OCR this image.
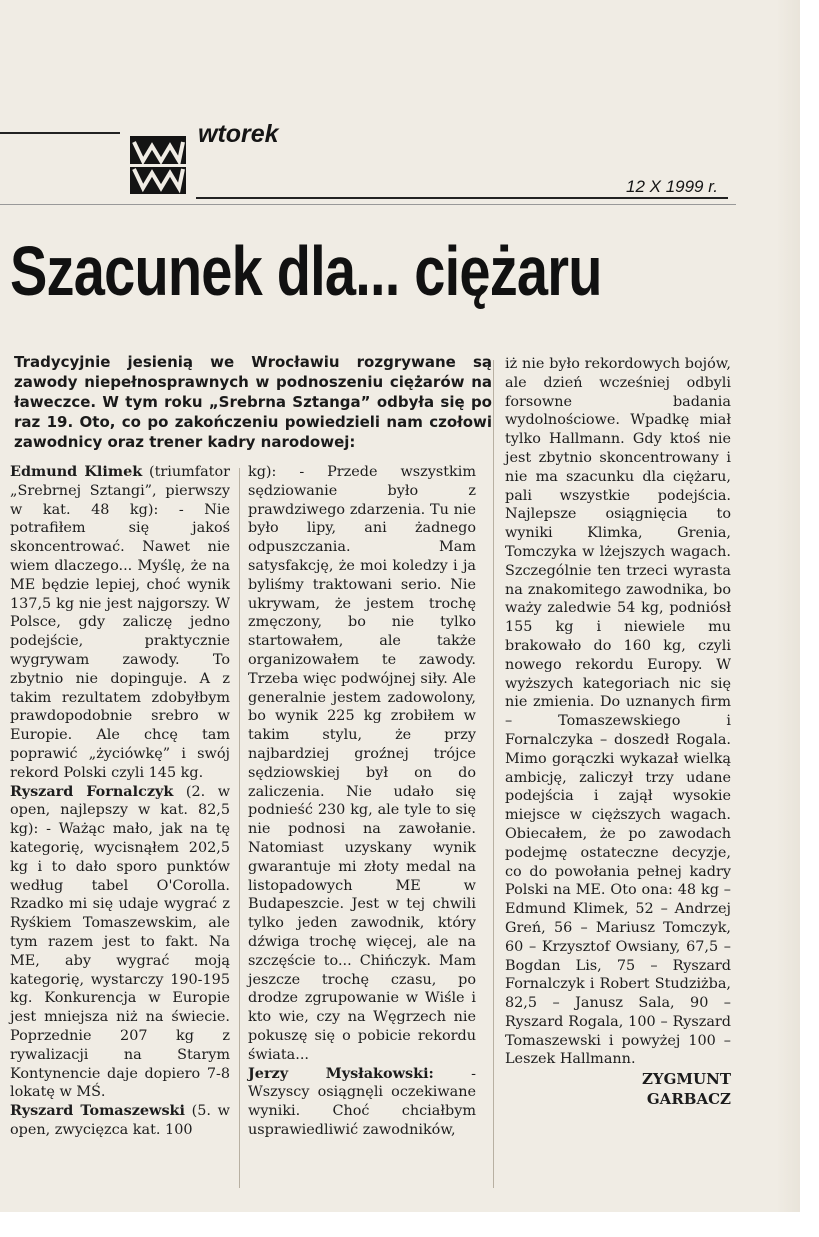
wtorek
12 X 1999 r.
Szacunek dla... ciężaru
Tradycyjnie jesienią we Wrocławiu rozgrywane są zawody niepełnosprawnych w podnoszeniu ciężarów na ławeczce. W tym roku „Srebrna Sztanga” odbyła się po raz 19. Oto, co po zakończeniu powiedzieli nam czołowi zawodnicy oraz trener kadry narodowej:

Edmund Klimek (triumfator „Srebrnej Sztangi”, pierwszy w kat. 48 kg): - Nie potrafiłem się jakoś skoncentrować. Nawet nie wiem dlaczego... Myślę, że na ME będzie lepiej, choć wynik 137,5 kg nie jest najgorszy. W Polsce, gdy zaliczę jedno podejście, praktycznie wygrywam zawody. To zbytnio nie dopinguje. A z takim rezultatem zdobyłbym prawdopodobnie srebro w Europie. Ale chcę tam poprawić „życiówkę” i swój rekord Polski czyli 145 kg.

Ryszard Fornalczyk (2. w open, najlepszy w kat. 82,5 kg): - Ważąc mało, jak na tę kategorię, wycisnąłem 202,5 kg i to dało sporo punktów według tabel O'Corolla. Rzadko mi się udaje wygrać z Ryśkiem Tomaszewskim, ale tym razem jest to fakt. Na ME, aby wygrać moją kategorię, wystarczy 190-195 kg. Konkurencja w Europie jest mniejsza niż na świecie. Poprzednie 207 kg z rywalizacji na Starym Kontynencie daje dopiero 7-8 lokatę w MŚ.

Ryszard Tomaszewski (5. w open, zwycięzca kat. 100

kg): - Przede wszystkim sędziowanie było z prawdziwego zdarzenia. Tu nie było lipy, ani żadnego odpuszczania. Mam satysfakcję, że moi koledzy i ja byliśmy traktowani serio. Nie ukrywam, że jestem trochę zmęczony, bo nie tylko startowałem, ale także organizowałem te zawody. Trzeba więc podwójnej siły. Ale generalnie jestem zadowolony, bo wynik 225 kg zrobiłem w takim stylu, że przy najbardziej groźnej trójce sędziowskiej był on do zaliczenia. Nie udało się podnieść 230 kg, ale tyle to się nie podnosi na zawołanie. Natomiast uzyskany wynik gwarantuje mi złoty medal na listopadowych ME w Budapeszcie. Jest w tej chwili tylko jeden zawodnik, który dźwiga trochę więcej, ale na szczęście to... Chińczyk. Mam jeszcze trochę czasu, po drodze zgrupowanie w Wiśle i kto wie, czy na Węgrzech nie pokuszę się o pobicie rekordu świata...

Jerzy Mysłakowski: - Wszyscy osiągnęli oczekiwane wyniki. Choć chciałbym usprawiedliwić zawodników,

iż nie było rekordowych bojów, ale dzień wcześniej odbyli forsowne badania wydolnościowe. Wpadkę miał tylko Hallmann. Gdy ktoś nie jest zbytnio skoncentrowany i nie ma szacunku dla ciężaru, pali wszystkie podejścia. Najlepsze osiągnięcia to wyniki Klimka, Grenia, Tomczyka w lżejszych wagach. Szczególnie ten trzeci wyrasta na znakomitego zawodnika, bo waży zaledwie 54 kg, podniósł 155 kg i niewiele mu brakowało do 160 kg, czyli nowego rekordu Europy. W wyższych kategoriach nic się nie zmienia. Do uznanych firm – Tomaszewskiego i Fornalczyka – doszedł Rogala. Mimo gorączki wykazał wielką ambicję, zaliczył trzy udane podejścia i zajął wysokie miejsce w cięższych wagach. Obiecałem, że po zawodach podejmę ostateczne decyzje, co do powołania pełnej kadry Polski na ME. Oto ona: 48 kg – Edmund Klimek, 52 – Andrzej Greń, 56 – Mariusz Tomczyk, 60 – Krzysztof Owsiany, 67,5 – Bogdan Lis, 75 – Ryszard Fornalczyk i Robert Studziżba, 82,5 – Janusz Sala, 90 – Ryszard Rogala, 100 – Ryszard Tomaszewski i powyżej 100 – Leszek Hallmann.

ZYGMUNT
GARBACZ
